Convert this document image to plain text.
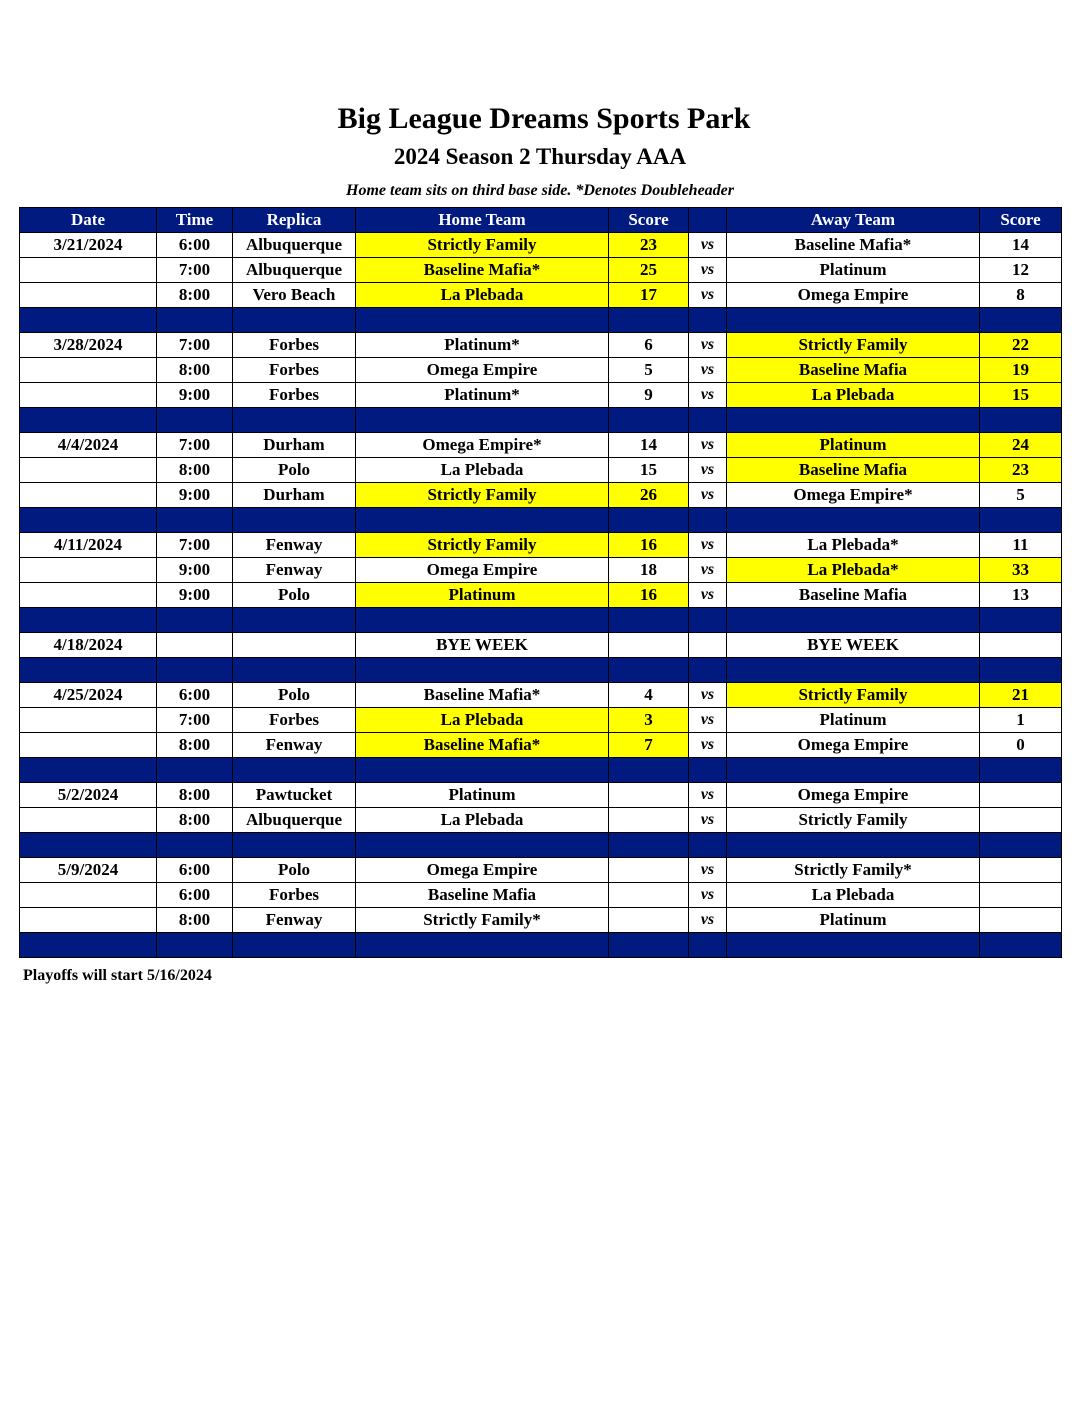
Big League Dreams Sports Park
2024 Season 2 Thursday AAA
Home team sits on third base side. *Denotes Doubleheader
Date	Time	Replica	Home Team	Score		Away Team	Score
3/21/2024	6:00	Albuquerque	Strictly Family	23	vs	Baseline Mafia*	14
	7:00	Albuquerque	Baseline Mafia*	25	vs	Platinum	12
	8:00	Vero Beach	La Plebada	17	vs	Omega Empire	8

3/28/2024	7:00	Forbes	Platinum*	6	vs	Strictly Family	22
	8:00	Forbes	Omega Empire	5	vs	Baseline Mafia	19
	9:00	Forbes	Platinum*	9	vs	La Plebada	15

4/4/2024	7:00	Durham	Omega Empire*	14	vs	Platinum	24
	8:00	Polo	La Plebada	15	vs	Baseline Mafia	23
	9:00	Durham	Strictly Family	26	vs	Omega Empire*	5

4/11/2024	7:00	Fenway	Strictly Family	16	vs	La Plebada*	11
	9:00	Fenway	Omega Empire	18	vs	La Plebada*	33
	9:00	Polo	Platinum	16	vs	Baseline Mafia	13

4/18/2024			BYE WEEK			BYE WEEK	

4/25/2024	6:00	Polo	Baseline Mafia*	4	vs	Strictly Family	21
	7:00	Forbes	La Plebada	3	vs	Platinum	1
	8:00	Fenway	Baseline Mafia*	7	vs	Omega Empire	0

5/2/2024	8:00	Pawtucket	Platinum		vs	Omega Empire	
	8:00	Albuquerque	La Plebada		vs	Strictly Family	

5/9/2024	6:00	Polo	Omega Empire		vs	Strictly Family*	
	6:00	Forbes	Baseline Mafia		vs	La Plebada	
	8:00	Fenway	Strictly Family*		vs	Platinum	

Playoffs will start 5/16/2024
